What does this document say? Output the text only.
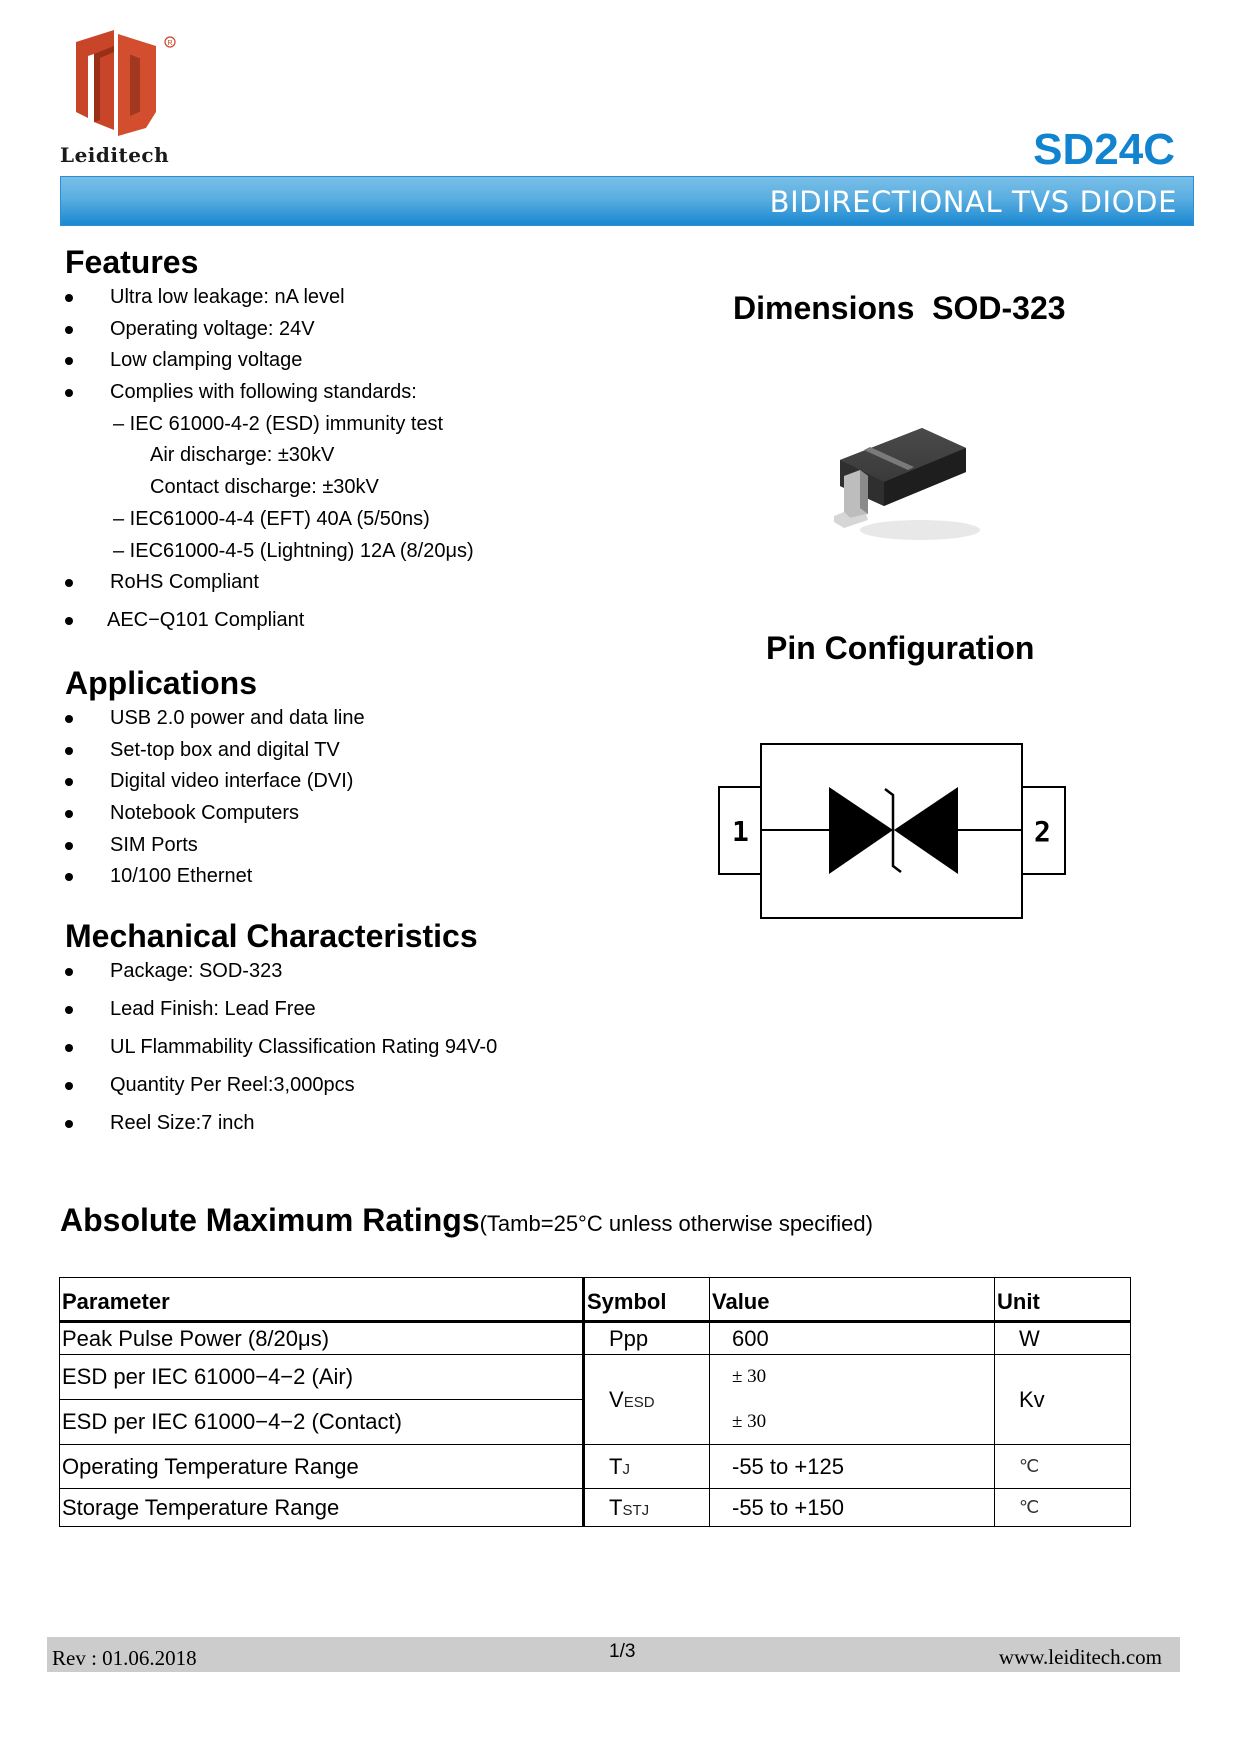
R
Leiditech	SD24C
BIDIRECTIONAL TVS DIODE
Features
Ultra low leakage: nA level
Operating voltage: 24V
Low clamping voltage
Complies with following standards:
– IEC 61000-4-2 (ESD) immunity test
Air discharge: ±30kV
Contact discharge: ±30kV
– IEC61000-4-4 (EFT) 40A (5/50ns)
– IEC61000-4-5 (Lightning) 12A (8/20μs)
RoHS Compliant
AEC−Q101 Compliant
Applications
USB 2.0 power and data line
Set-top box and digital TV
Digital video interface (DVI)
Notebook Computers
SIM Ports
10/100 Ethernet
Mechanical Characteristics
Package: SOD-323
Lead Finish: Lead Free
UL Flammability Classification Rating 94V-0
Quantity Per Reel:3,000pcs
Reel Size:7 inch
Dimensions  SOD-323
Pin Configuration
1	2
Absolute Maximum Ratings(Tamb=25°C unless otherwise specified)
Parameter	Symbol	Value	Unit
Peak Pulse Power (8/20μs)	Ppp	600	W
ESD per IEC 61000−4−2 (Air)	VESD	± 30	Kv
ESD per IEC 61000−4−2 (Contact)		± 30	
Operating Temperature Range	TJ	-55 to +125	℃
Storage Temperature Range	TSTJ	-55 to +150	℃
Rev : 01.06.2018	1/3	www.leiditech.com
